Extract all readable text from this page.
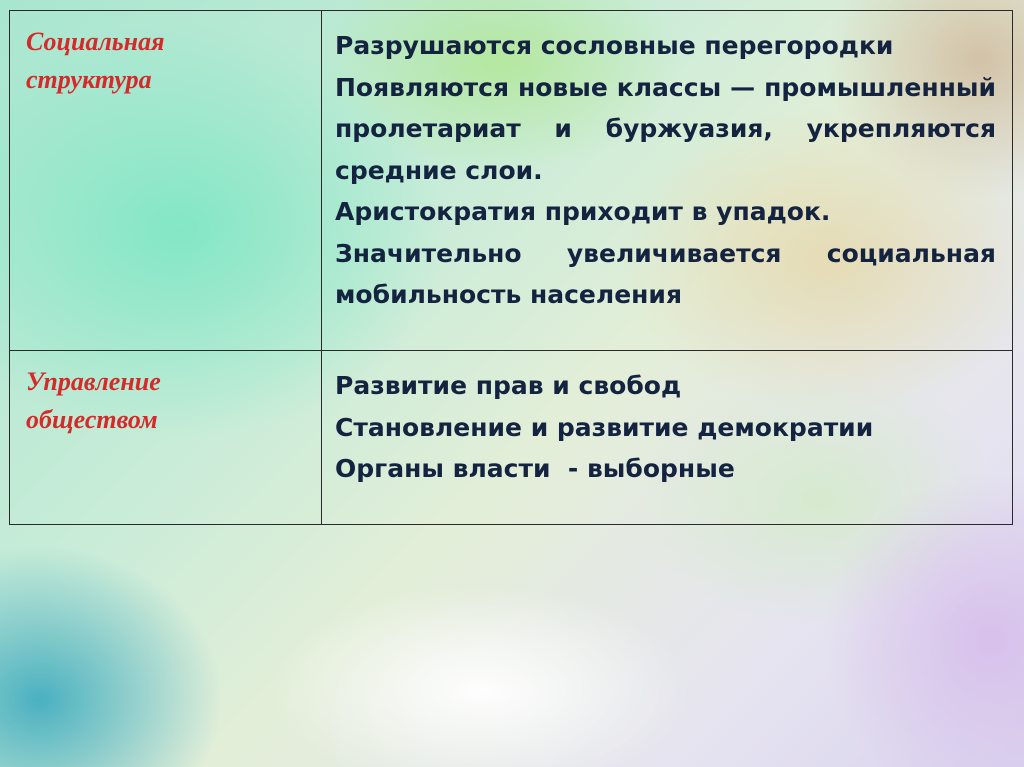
Социальная
структура	Разрушаются сословные перегородки
Появляются новые классы — промышленный пролетариат и буржуазия, укрепляются средние слои.
Аристократия приходит в упадок.
Значительно увеличивается социальная мобильность населения

Управление
обществом	Развитие прав и свобод
Становление и развитие демократии
Органы власти  - выборные
